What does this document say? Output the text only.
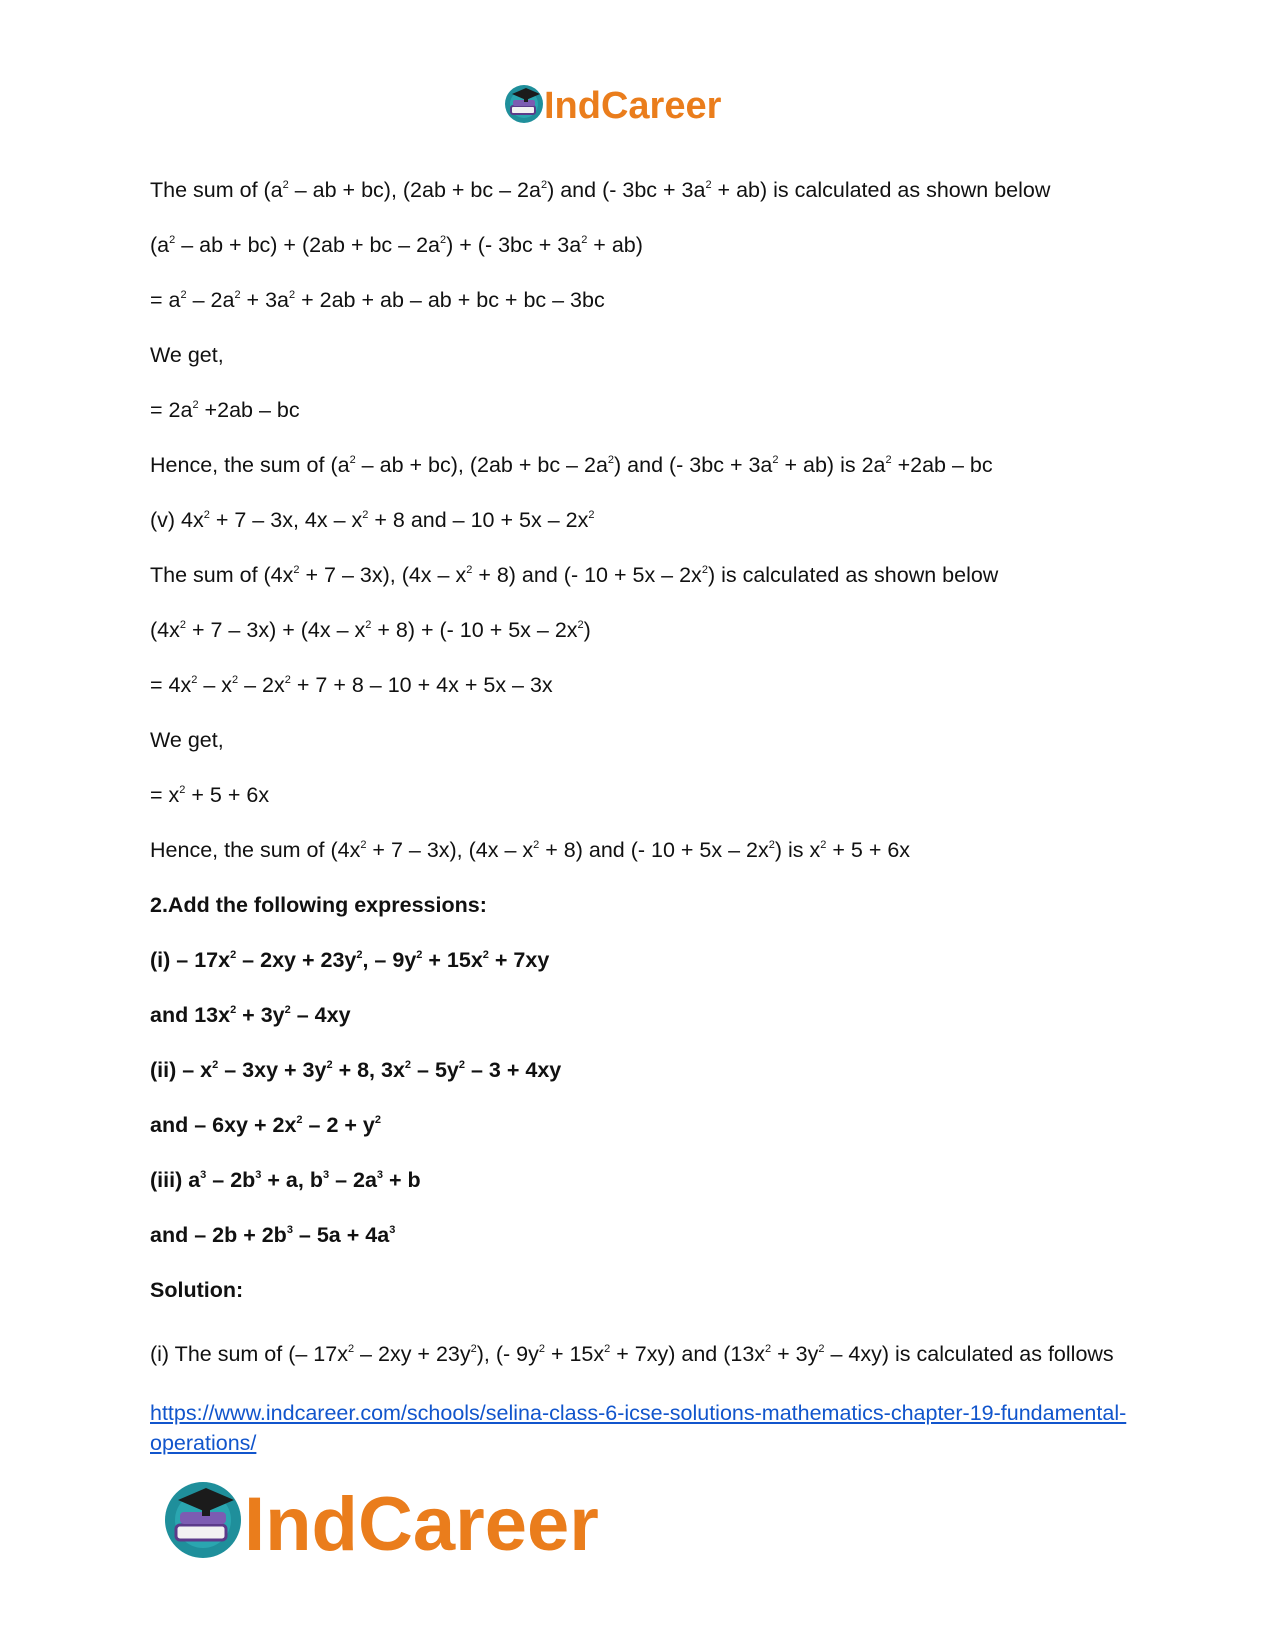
IndCareer
The sum of ($a^2$ – ab + bc), (2ab + bc – $2a^2$) and (- $3bc + 3a^2 + ab$) is calculated as shown below
($a^2$ – ab + bc) + (2ab + bc – $2a^2$) + (- $3bc + 3a^2 + ab$)
= $a^2 - 2a^2 + 3a^2 + 2ab$ + ab – ab + bc + bc – 3bc
We get,
= $2a^2 +2ab$ – bc
Hence, the sum of ($a^2$ – ab + bc), (2ab + bc – $2a^2$) and (- $3bc + 3a^2 + ab$) is $2a^2 +2ab$ – bc
(v) $4x^2 + 7 - 3x$, $4x - x^2 + 8$ and – $10 + 5x - 2x^2$
The sum of $(4x^2 + 7 - 3x)$, $(4x - x^2 + 8)$ and (- $10 + 5x - 2x^2$) is calculated as shown below
$(4x^2 + 7 - 3x) + (4x - x^2 + 8)$ + (- $10 + 5x - 2x^2$)
= $4x^2 - x^2 - 2x^2 + 7 + 8 - 10 + 4x + 5x - 3x$
We get,
= $x^2 + 5 + 6x$
Hence, the sum of $(4x^2 + 7 - 3x)$, $(4x - x^2 + 8)$ and (- $10 + 5x - 2x^2$) is $x^2 + 5 + 6x$
2.Add the following expressions:
$(i) - 17x^2 - 2xy + 23y^2$, – $9y^2 + 15x^2 + 7xy$
and $13x^2 + 3y^2 - 4xy$
$(ii) - x^2 - 3xy + 3y^2 + 8$, $3x^2 - 5y^2 - 3 + 4xy$
and – $6xy + 2x^2 - 2 + y^2$
(iii) $a^3 - 2b^3 + a$, $b^3 - 2a^3 + b$
and – $2b + 2b^3 - 5a + 4a^3$
Solution:

(i) The sum of (– $17x^2 - 2xy + 23y^2$), (- $9y^2 + 15x^2 + 7xy$) and $(13x^2 + 3y^2 - 4xy)$ is calculated as follows

https://www.indcareer.com/schools/selina-class-6-icse-solutions-mathematics-chapter-19-fundamental-operations/
IndCareer
